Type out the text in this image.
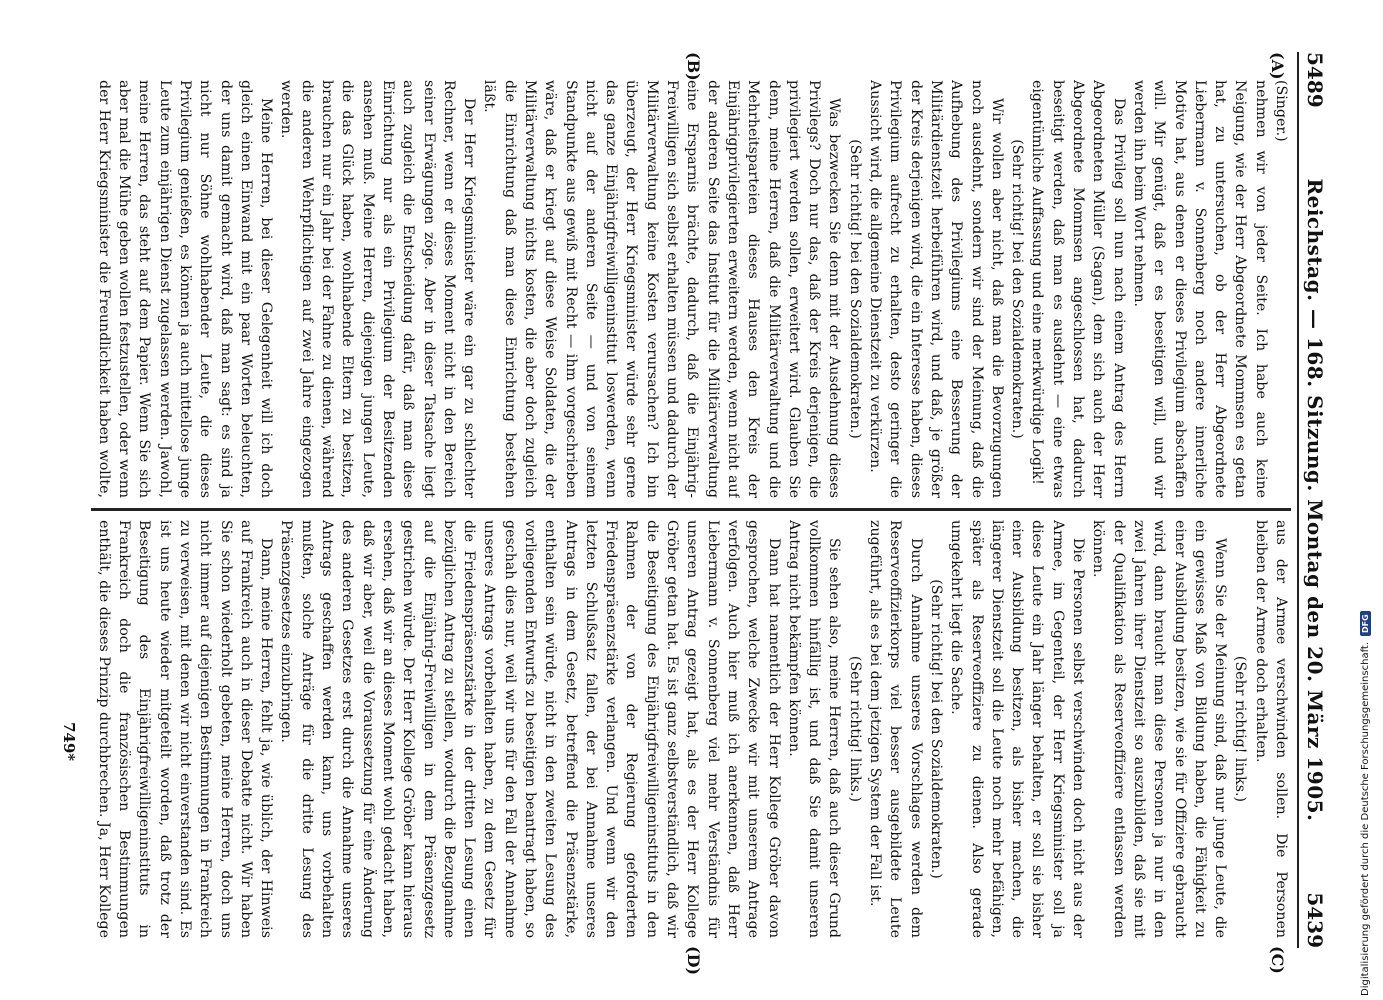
5489
Reichstag. — 168. Sitzung. Montag den 20. März 1905.
5439
(A)
(B)
(C)
(D)

(Singer.)

nehmen wir von jeder Seite. Ich habe auch keine Neigung, wie der Herr Abgeordnete Mommsen es getan hat, zu untersuchen, ob der Herr Abgeordnete Liebermann v. Sonnenberg noch andere innerliche Motive hat, aus denen er dieses Privilegium abschaffen will. Mir genügt, daß er es beseitigen will, und wir werden ihn beim Wort nehmen.

Das Privileg soll nun nach einem Antrag des Herrn Abgeordneten Müller (Sagan), dem sich auch der Herr Abgeordnete Mommsen angeschlossen hat, dadurch beseitigt werden, daß man es ausdehnt — eine etwas eigentümliche Auffassung und eine merkwürdige Logik!

(Sehr richtig! bei den Sozialdemokraten.)

Wir wollen aber nicht, daß man die Bevorzugungen noch ausdehnt, sondern wir sind der Meinung, daß die Aufhebung des Privilegiums eine Besserung der Militärdienstzeit herbeiführen wird, und daß, je größer der Kreis derjenigen wird, die ein Interesse haben, dieses Privilegium aufrecht zu erhalten, desto geringer die Aussicht wird, die allgemeine Dienstzeit zu verkürzen.

(Sehr richtig! bei den Sozialdemokraten.)

Was bezwecken Sie denn mit der Ausdehnung dieses Privilegs? Doch nur das, daß der Kreis derjenigen, die privilegiert werden sollen, erweitert wird. Glauben Sie denn, meine Herren, daß die Militärverwaltung und die Mehrheitsparteien dieses Hauses den Kreis der Einjährigprivilegierten erweitern werden, wenn nicht auf der anderen Seite das Institut für die Militärverwaltung eine Ersparnis brächte, dadurch, daß die Einjährig-Freiwilligen sich selbst erhalten müssen und dadurch der Militärverwaltung keine Kosten verursachen? Ich bin überzeugt, der Herr Kriegsminister würde sehr gerne das ganze Einjährigfreiwilligeninstitut loswerden, wenn nicht auf der anderen Seite — und von seinem Standpunkte aus gewiß mit Recht — ihm vorgeschrieben wäre, daß er kriegt auf diese Weise Soldaten, die der Militärverwaltung nichts kosten, die aber doch zugleich die Einrichtung daß man diese Einrichtung bestehen läßt.

Der Herr Kriegsminister wäre ein gar zu schlechter Rechner, wenn er dieses Moment nicht in den Bereich seiner Erwägungen zöge. Aber in dieser Tatsache liegt auch zugleich die Entscheidung dafür, daß man diese Einrichtung nur als ein Privilegium der Besitzenden ansehen muß. Meine Herren, diejenigen jungen Leute, die das Glück haben, wohlhabende Eltern zu besitzen, brauchen nur ein Jahr bei der Fahne zu dienen, während die anderen Wehrpflichtigen auf zwei Jahre eingezogen werden.

Meine Herren, bei dieser Gelegenheit will ich doch gleich einen Einwand mit ein paar Worten beleuchten, der uns damit gemacht wird, daß man sagt: es sind ja nicht nur Söhne wohlhabender Leute, die dieses Privilegium genießen, es können ja auch mittellose junge Leute zum einjährigen Dienst zugelassen werden. Jawohl, meine Herren, das steht auf dem Papier. Wenn Sie sich aber mal die Mühe geben wollen festzustellen, oder wenn der Herr Kriegsminister die Freundlichkeit haben wollte,

aus der Armee verschwinden sollen. Die Personen bleiben der Armee doch erhalten.

(Sehr richtig! links.)

Wenn Sie der Meinung sind, daß nur junge Leute, die ein gewisses Maß von Bildung haben, die Fähigkeit zu einer Ausbildung besitzen, wie sie für Offiziere gebraucht wird, dann braucht man diese Personen ja nur in den zwei Jahren ihrer Dienstzeit so auszubilden, daß sie mit der Qualifikation als Reserveoffiziere entlassen werden können.

Die Personen selbst verschwinden doch nicht aus der Armee, im Gegenteil, der Herr Kriegsminister soll ja diese Leute ein Jahr länger behalten, er soll sie bisher einer Ausbildung besitzen, als bisher machen, die längerer Dienstzeit soll die Leute noch mehr befähigen, später als Reserveoffiziere zu dienen. Also gerade umgekehrt liegt die Sache.

(Sehr richtig! bei den Sozialdemokraten.)

Durch Annahme unseres Vorschlages werden dem Reserveoffizierkorps viel besser ausgebildete Leute zugeführt, als es bei dem jetzigen System der Fall ist.

(Sehr richtig! links.)

Sie sehen also, meine Herren, daß auch dieser Grund vollkommen hinfällig ist, und daß Sie damit unseren Antrag nicht bekämpfen können.

Dann hat namentlich der Herr Kollege Gröber davon gesprochen, welche Zwecke wir mit unserem Antrage verfolgen. Auch hier muß ich anerkennen, daß Herr Liebermann v. Sonnenberg viel mehr Verständnis für unseren Antrag gezeigt hat, als es der Herr Kollege Gröber getan hat. Es ist ganz selbstverständlich, daß wir die Beseitigung des Einjährigfreiwilligeninstituts in den Rahmen der von der Regierung geforderten Friedenspräsenzstärke verlangen. Und wenn wir den letzten Schlußsatz fallen, der bei Annahme unseres Antrags in dem Gesetz, betreffend die Präsenzstärke, enthalten sein würde, nicht in den zweiten Lesung des vorliegenden Entwurfs zu beseitigen beantragt haben, so geschah dies nur, weil wir uns für den Fall der Annahme unseres Antrags vorbehalten haben, zu dem Gesetz für die Friedenspräsenzstärke in der dritten Lesung einen bezüglichen Antrag zu stellen, wodurch die Bezugnahme auf die Einjährig-Freiwilligen in dem Präsenzgesetz gestrichen würde. Der Herr Kollege Gröber kann hieraus ersehen, daß wir an dieses Moment wohl gedacht haben, daß wir aber, weil die Voraussetzung für eine Änderung des anderen Gesetzes erst durch die Annahme unseres Antrags geschaffen werden kann, uns vorbehalten mußten, solche Anträge für die dritte Lesung des Präsenzgesetzes einzubringen.

Dann, meine Herren, fehlt ja, wie üblich, der Hinweis auf Frankreich auch in dieser Debatte nicht. Wir haben Sie schon wiederholt gebeten, meine Herren, doch uns nicht immer auf diejenigen Bestimmungen in Frankreich zu verweisen, mit denen wir nicht einverstanden sind. Es ist uns heute wieder mitgeteilt worden, daß trotz der Beseitigung des Einjährigfreiwilligeninstituts in Frankreich doch die französischen Bestimmungen enthält, die dieses Prinzip durchbrechen. Ja, Herr Kollege

749*	Digitalisierung gefördert durch die Deutsche Forschungsgemeinschaft.
DFG
